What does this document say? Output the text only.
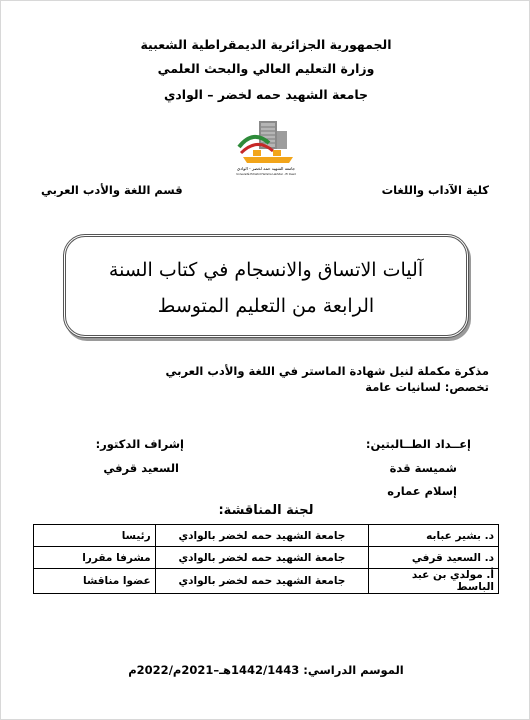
الجمهورية الجزائرية الديمقراطية الشعبية
وزارة التعليم العالي والبحث العلمي
جامعة الشهيد حمه لخضر – الوادي
جامعة الشهيد حمه لخضر - الوادي
Université Echahid Hamma Lakhdar - El Oued
كلية الآداب واللغات
قسم اللغة والأدب العربي
آليات الاتساق والانسجام في كتاب السنة
الرابعة من التعليم المتوسط
مذكرة مكملة لنيل شهادة الماستر في اللغة والأدب العربي
تخصص: لسانيات عامة
إعــداد الطــالبتين:
إشراف الدكتور:
شميسة قدة
إسلام عماره
السعيد قرفي
لجنة المناقشة:
د. بشير عبابه	جامعة الشهيد حمه لخضر بالوادي	رئيسا
د. السعيد قرفي	جامعة الشهيد حمه لخضر بالوادي	مشرفا مقررا
أ. مولدي بن عبد الباسط	جامعة الشهيد حمه لخضر بالوادي	عضوا مناقشا
الموسم الدراسي: 1442/1443هـ–2021م/2022م
